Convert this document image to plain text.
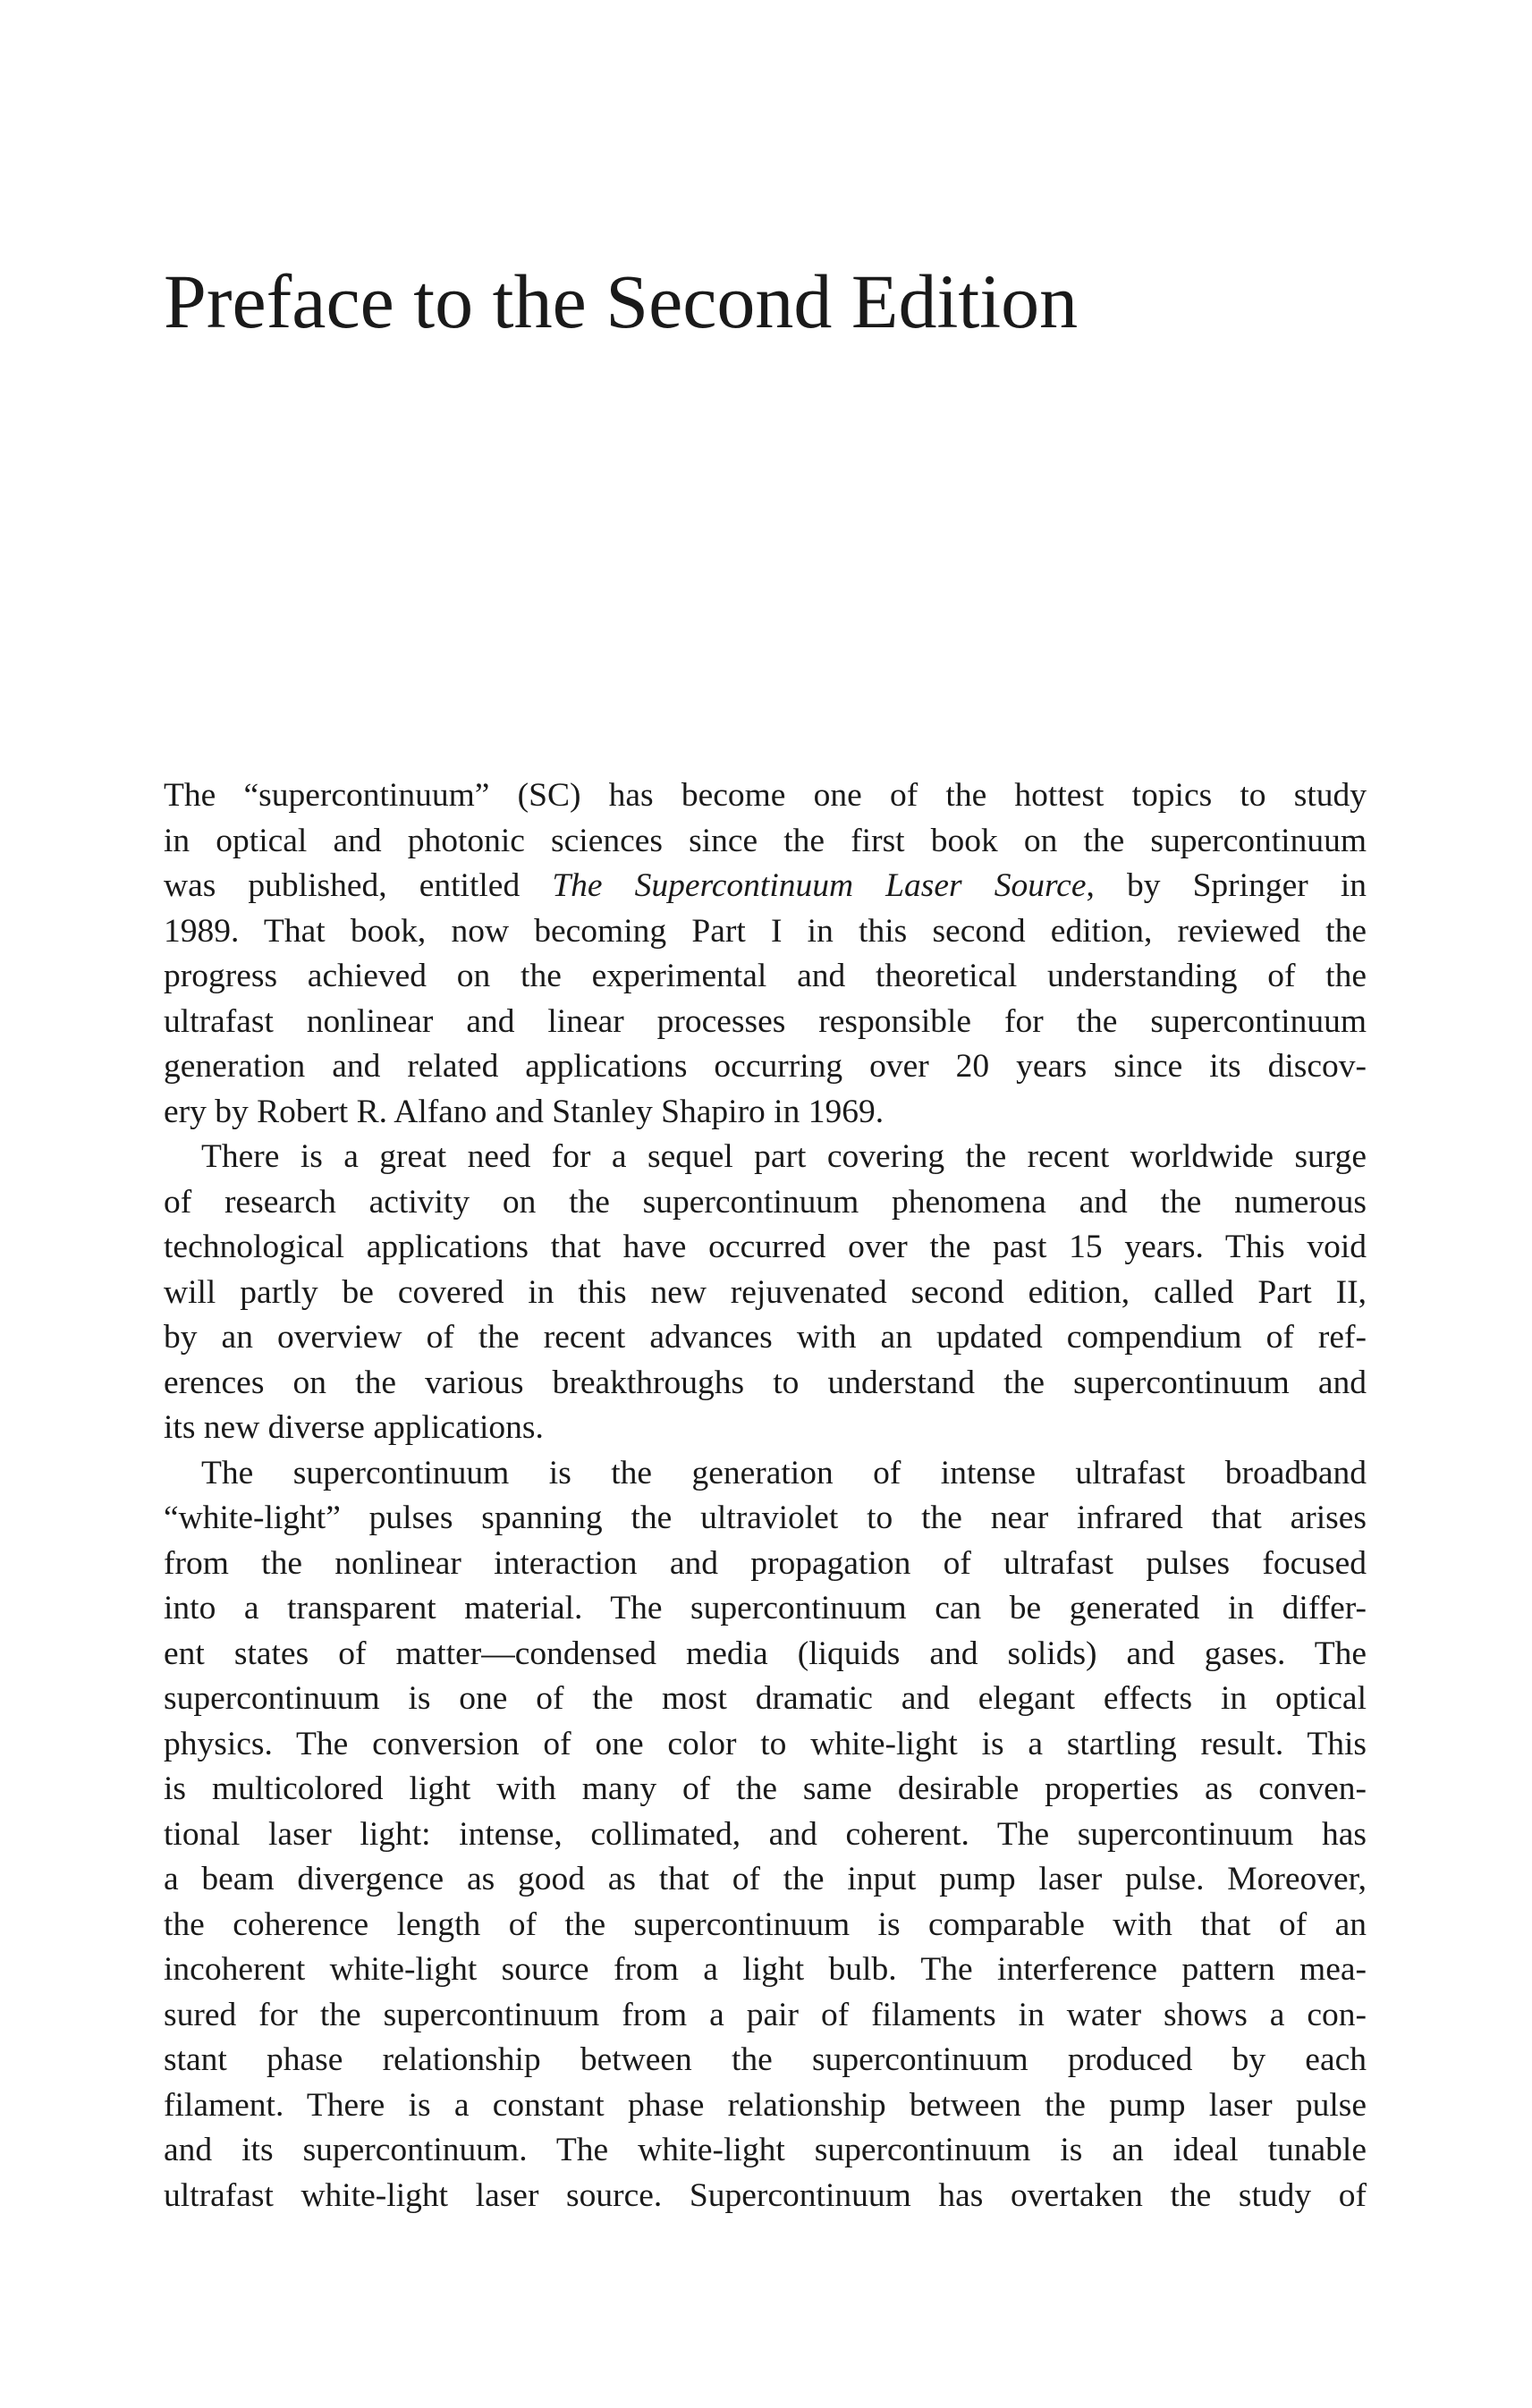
Preface to the Second Edition
The “supercontinuum” (SC) has become one of the hottest topics to study
in optical and photonic sciences since the first book on the supercontinuum
was published, entitled The Supercontinuum Laser Source, by Springer in
1989. That book, now becoming Part I in this second edition, reviewed the
progress achieved on the experimental and theoretical understanding of the
ultrafast nonlinear and linear processes responsible for the supercontinuum
generation and related applications occurring over 20 years since its discov-
ery by Robert R. Alfano and Stanley Shapiro in 1969.
There is a great need for a sequel part covering the recent worldwide surge
of research activity on the supercontinuum phenomena and the numerous
technological applications that have occurred over the past 15 years. This void
will partly be covered in this new rejuvenated second edition, called Part II,
by an overview of the recent advances with an updated compendium of ref-
erences on the various breakthroughs to understand the supercontinuum and
its new diverse applications.
The supercontinuum is the generation of intense ultrafast broadband
“white-light” pulses spanning the ultraviolet to the near infrared that arises
from the nonlinear interaction and propagation of ultrafast pulses focused
into a transparent material. The supercontinuum can be generated in differ-
ent states of matter—condensed media (liquids and solids) and gases. The
supercontinuum is one of the most dramatic and elegant effects in optical
physics. The conversion of one color to white-light is a startling result. This
is multicolored light with many of the same desirable properties as conven-
tional laser light: intense, collimated, and coherent. The supercontinuum has
a beam divergence as good as that of the input pump laser pulse. Moreover,
the coherence length of the supercontinuum is comparable with that of an
incoherent white-light source from a light bulb. The interference pattern mea-
sured for the supercontinuum from a pair of filaments in water shows a con-
stant phase relationship between the supercontinuum produced by each
filament. There is a constant phase relationship between the pump laser pulse
and its supercontinuum. The white-light supercontinuum is an ideal tunable
ultrafast white-light laser source. Supercontinuum has overtaken the study of
